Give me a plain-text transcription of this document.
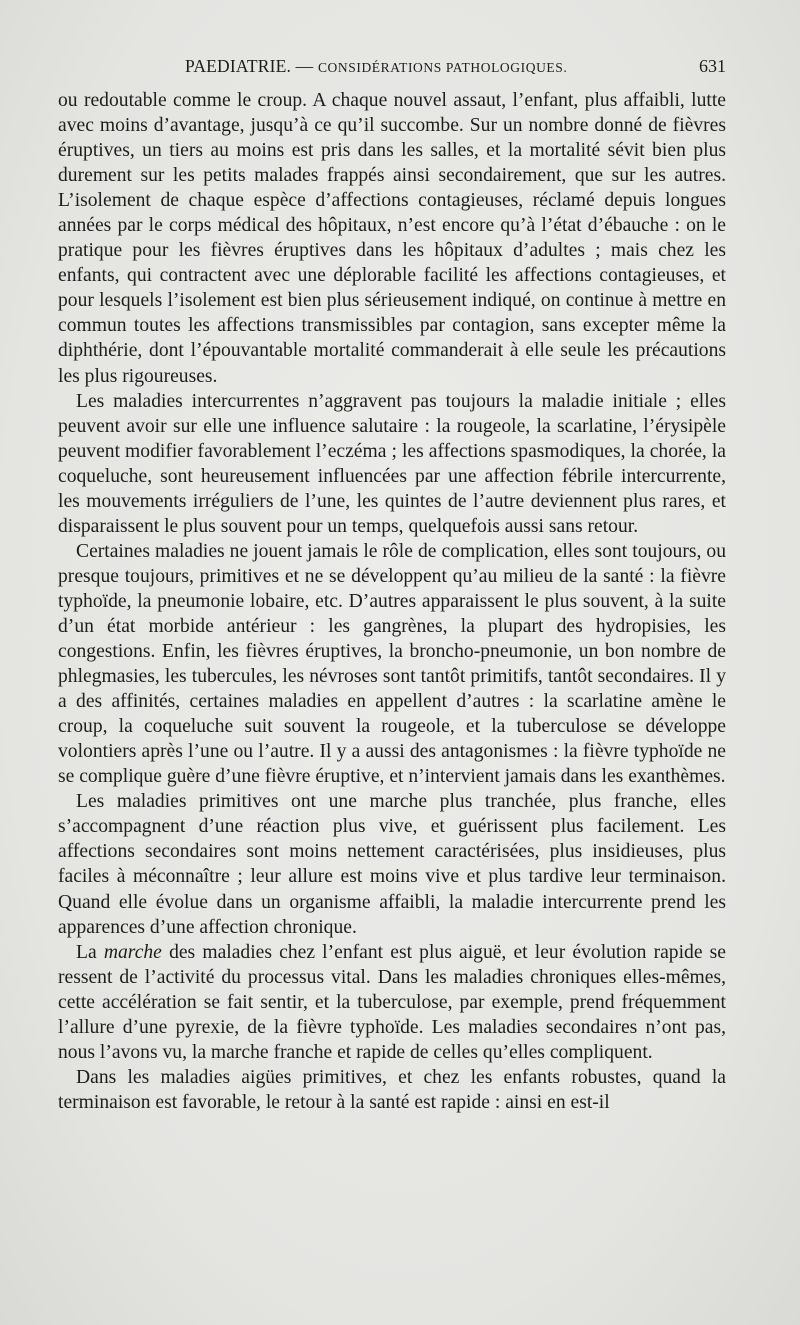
PAEDIATRIE. — CONSIDÉRATIONS PATHOLOGIQUES.	631

ou redoutable comme le croup. A chaque nouvel assaut, l’enfant, plus affaibli, lutte avec moins d’avantage, jusqu’à ce qu’il succombe. Sur un nombre donné de fièvres éruptives, un tiers au moins est pris dans les salles, et la mortalité sévit bien plus durement sur les petits malades frappés ainsi secondairement, que sur les autres. L’isolement de chaque espèce d’affections contagieuses, réclamé depuis longues années par le corps médical des hôpitaux, n’est encore qu’à l’état d’ébauche : on le pratique pour les fièvres éruptives dans les hôpitaux d’adultes ; mais chez les enfants, qui contractent avec une déplorable facilité les affections contagieuses, et pour lesquels l’isolement est bien plus sérieusement indiqué, on continue à mettre en commun toutes les affections transmissibles par contagion, sans excepter même la diphthérie, dont l’épouvantable mortalité commanderait à elle seule les précautions les plus rigoureuses.

Les maladies intercurrentes n’aggravent pas toujours la maladie initiale ; elles peuvent avoir sur elle une influence salutaire : la rougeole, la scarlatine, l’érysipèle peuvent modifier favorablement l’eczéma ; les affections spasmodiques, la chorée, la coqueluche, sont heureusement influencées par une affection fébrile intercurrente, les mouvements irréguliers de l’une, les quintes de l’autre deviennent plus rares, et disparaissent le plus souvent pour un temps, quelquefois aussi sans retour.

Certaines maladies ne jouent jamais le rôle de complication, elles sont toujours, ou presque toujours, primitives et ne se développent qu’au milieu de la santé : la fièvre typhoïde, la pneumonie lobaire, etc. D’autres apparaissent le plus souvent, à la suite d’un état morbide antérieur : les gangrènes, la plupart des hydropisies, les congestions. Enfin, les fièvres éruptives, la broncho-pneumonie, un bon nombre de phlegmasies, les tubercules, les névroses sont tantôt primitifs, tantôt secondaires. Il y a des affinités, certaines maladies en appellent d’autres : la scarlatine amène le croup, la coqueluche suit souvent la rougeole, et la tuberculose se développe volontiers après l’une ou l’autre. Il y a aussi des antagonismes : la fièvre typhoïde ne se complique guère d’une fièvre éruptive, et n’intervient jamais dans les exanthèmes.

Les maladies primitives ont une marche plus tranchée, plus franche, elles s’accompagnent d’une réaction plus vive, et guérissent plus facilement. Les affections secondaires sont moins nettement caractérisées, plus insidieuses, plus faciles à méconnaître ; leur allure est moins vive et plus tardive leur terminaison. Quand elle évolue dans un organisme affaibli, la maladie intercurrente prend les apparences d’une affection chronique.

La marche des maladies chez l’enfant est plus aiguë, et leur évolution rapide se ressent de l’activité du processus vital. Dans les maladies chroniques elles-mêmes, cette accélération se fait sentir, et la tuberculose, par exemple, prend fréquemment l’allure d’une pyrexie, de la fièvre typhoïde. Les maladies secondaires n’ont pas, nous l’avons vu, la marche franche et rapide de celles qu’elles compliquent.

Dans les maladies aigües primitives, et chez les enfants robustes, quand la terminaison est favorable, le retour à la santé est rapide : ainsi en est-il
